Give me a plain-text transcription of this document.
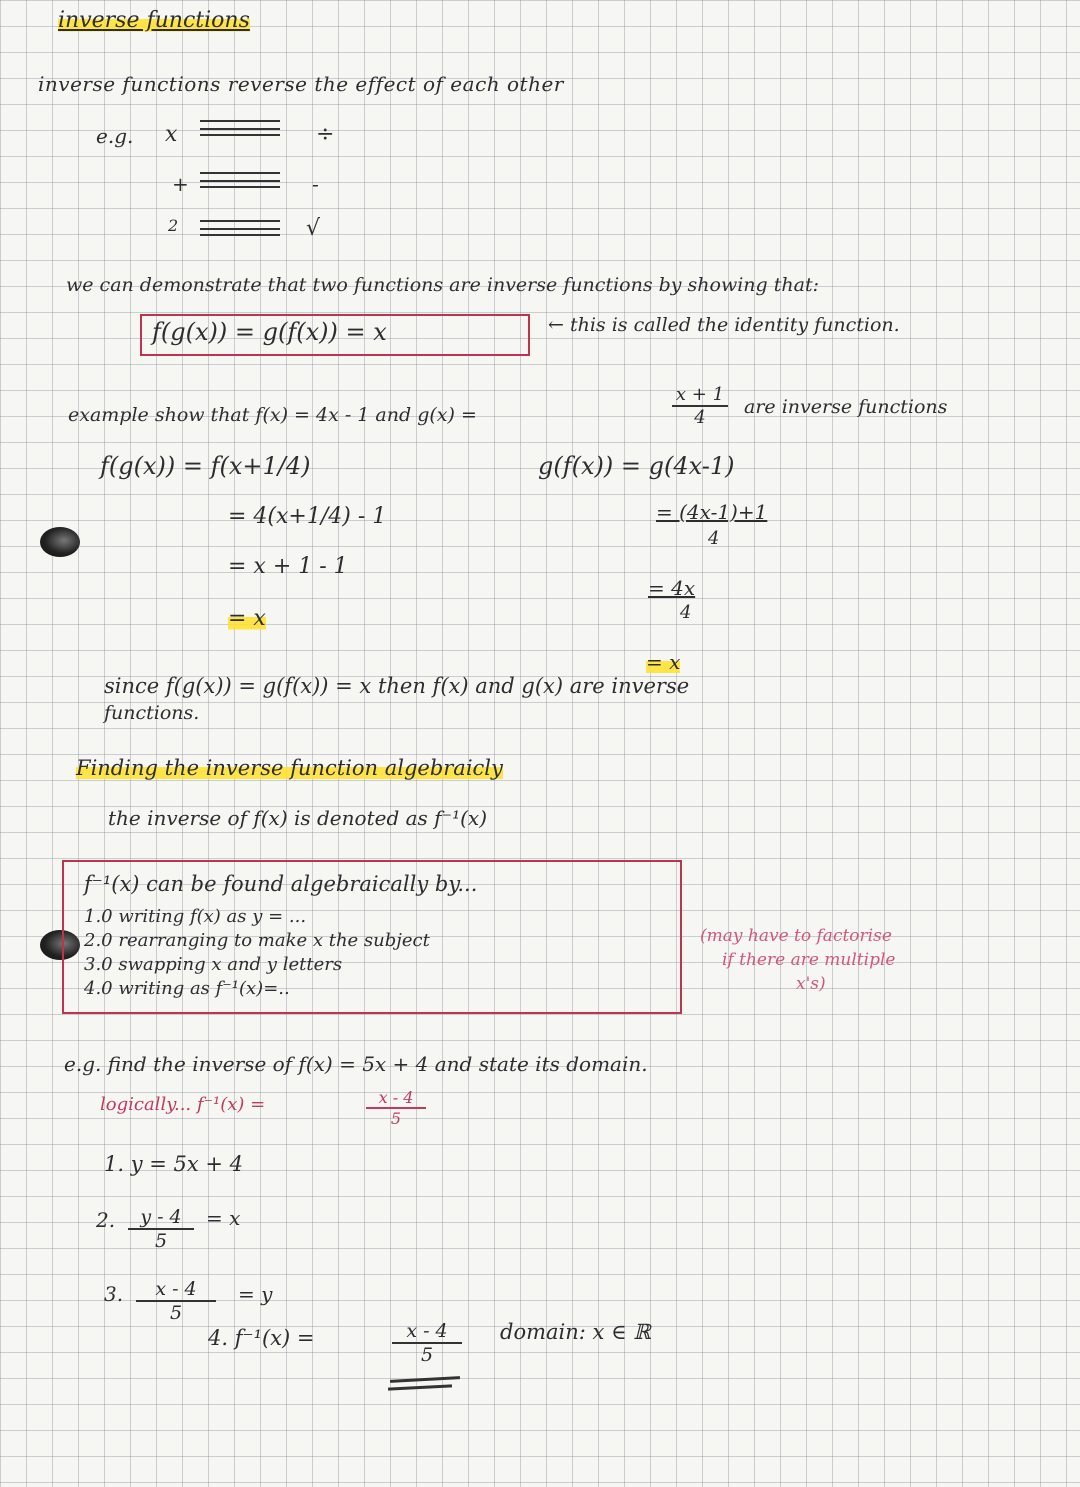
inverse functions
inverse functions reverse the effect of each other
e.g. x	÷
+	-
2	√
we can demonstrate that two functions are inverse functions by showing that:
f(g(x)) = g(f(x)) = x	← this is called the identity function.
example show that f(x) = 4x - 1 and g(x) =	$\frac{x + 1}{4}$ are inverse functions
f(g(x)) = f(x+1/4)
= 4(x+1/4) - 1
= x + 1 - 1
= x
g(f(x)) = g(4x-1)
= (4x-1)+1
4
= 4x
4
= x
since f(g(x)) = g(f(x)) = x then f(x) and g(x) are inverse
functions.
Finding the inverse function algebraicly
the inverse of f(x) is denoted as f⁻¹(x)
f⁻¹(x) can be found algebraically by...
1.0 writing f(x) as y = ...
2.0 rearranging to make x the subject
3.0 swapping x and y letters
4.0 writing as f⁻¹(x)=..
(may have to factorise
if there are multiple
x's)
e.g. find the inverse of f(x) = 5x + 4 and state its domain.
logically... f⁻¹(x) =	$\frac{x - 4}{5}$
1. y = 5x + 4
2. $\frac{y - 4}{5} = x$
3. $\frac{x - 4}{5} = y$
4. f⁻¹(x) =	$\frac{x - 4}{5}$ domain: x ∈ ℝ
